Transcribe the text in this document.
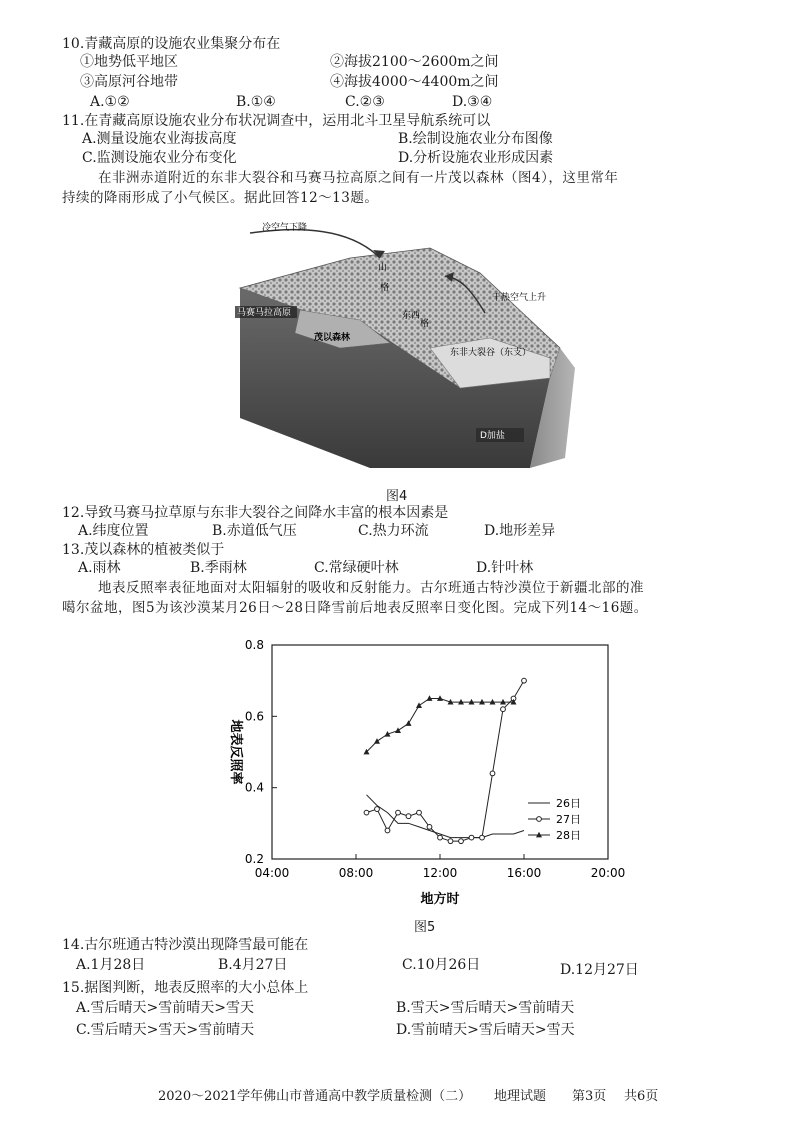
10.青藏高原的设施农业集聚分布在
①地势低平地区	②海拔2100～2600m之间
③高原河谷地带	④海拔4000～4400m之间
A.①②	B.①④	C.②③	D.③④
11.在青藏高原设施农业分布状况调查中，运用北斗卫星导航系统可以
A.测量设施农业海拔高度	B.绘制设施农业分布图像
C.监测设施农业分布变化	D.分析设施农业形成因素
在非洲赤道附近的东非大裂谷和马赛马拉高原之间有一片茂以森林（图4），这里常年
持续的降雨形成了小气候区。据此回答12～13题。
冷空气下降
马赛马拉高原
茂以森林
干热空气上升
东非大裂谷（东支）
山
格
格
东西
D加盐
图4
12.导致马赛马拉草原与东非大裂谷之间降水丰富的根本因素是
A.纬度位置	B.赤道低气压	C.热力环流	D.地形差异
13.茂以森林的植被类似于
A.雨林	B.季雨林	C.常绿硬叶林	D.针叶林
地表反照率表征地面对太阳辐射的吸收和反射能力。古尔班通古特沙漠位于新疆北部的准
噶尔盆地，图5为该沙漠某月26日～28日降雪前后地表反照率日变化图。完成下列14～16题。
04:00	08:00	12:00	16:00	20:00
0.2
0.4
0.6
0.8
地方时
地表反照率
26日
27日
28日
图5
14.古尔班通古特沙漠出现降雪最可能在
A.1月28日	B.4月27日	C.10月26日	D.12月27日
15.据图判断，地表反照率的大小总体上
A.雪后晴天>雪前晴天>雪天	B.雪天>雪后晴天>雪前晴天
C.雪后晴天>雪天>雪前晴天	D.雪前晴天>雪后晴天>雪天
2020～2021学年佛山市普通高中教学质量检测（二） 地理试题 第3页 共6页
